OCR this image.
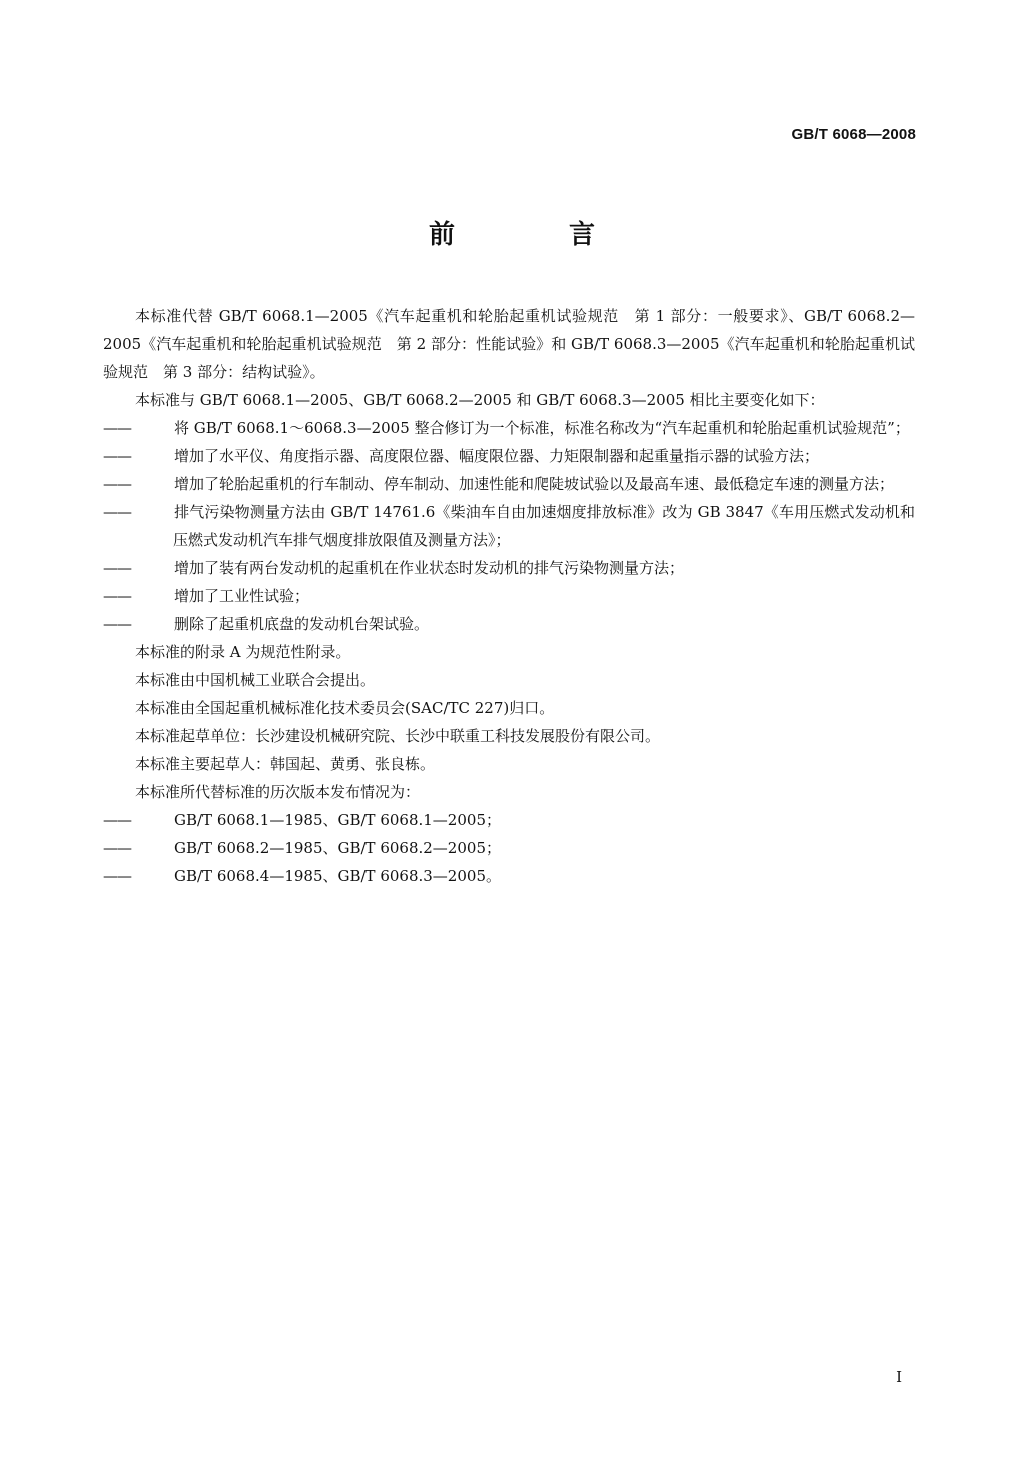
GB/T 6068—2008
前　言

本标准代替 GB/T 6068.1—2005《汽车起重机和轮胎起重机试验规范　第 1 部分：一般要求》、GB/T 6068.2—2005《汽车起重机和轮胎起重机试验规范　第 2 部分：性能试验》和 GB/T 6068.3—2005《汽车起重机和轮胎起重机试验规范　第 3 部分：结构试验》。

本标准与 GB/T 6068.1—2005、GB/T 6068.2—2005 和 GB/T 6068.3—2005 相比主要变化如下：

——	将 GB/T 6068.1～6068.3—2005 整合修订为一个标准，标准名称改为“汽车起重机和轮胎起重机试验规范”；

——	增加了水平仪、角度指示器、高度限位器、幅度限位器、力矩限制器和起重量指示器的试验方法；

——	增加了轮胎起重机的行车制动、停车制动、加速性能和爬陡坡试验以及最高车速、最低稳定车速的测量方法；

——	排气污染物测量方法由 GB/T 14761.6《柴油车自由加速烟度排放标准》改为 GB 3847《车用压燃式发动机和压燃式发动机汽车排气烟度排放限值及测量方法》；

——	增加了装有两台发动机的起重机在作业状态时发动机的排气污染物测量方法；

——	增加了工业性试验；

——	删除了起重机底盘的发动机台架试验。

本标准的附录 A 为规范性附录。

本标准由中国机械工业联合会提出。

本标准由全国起重机械标准化技术委员会(SAC/TC 227)归口。

本标准起草单位：长沙建设机械研究院、长沙中联重工科技发展股份有限公司。

本标准主要起草人：韩国起、黄勇、张良栋。

本标准所代替标准的历次版本发布情况为：

——	GB/T 6068.1—1985、GB/T 6068.1—2005；

——	GB/T 6068.2—1985、GB/T 6068.2—2005；

——	GB/T 6068.4—1985、GB/T 6068.3—2005。

I
